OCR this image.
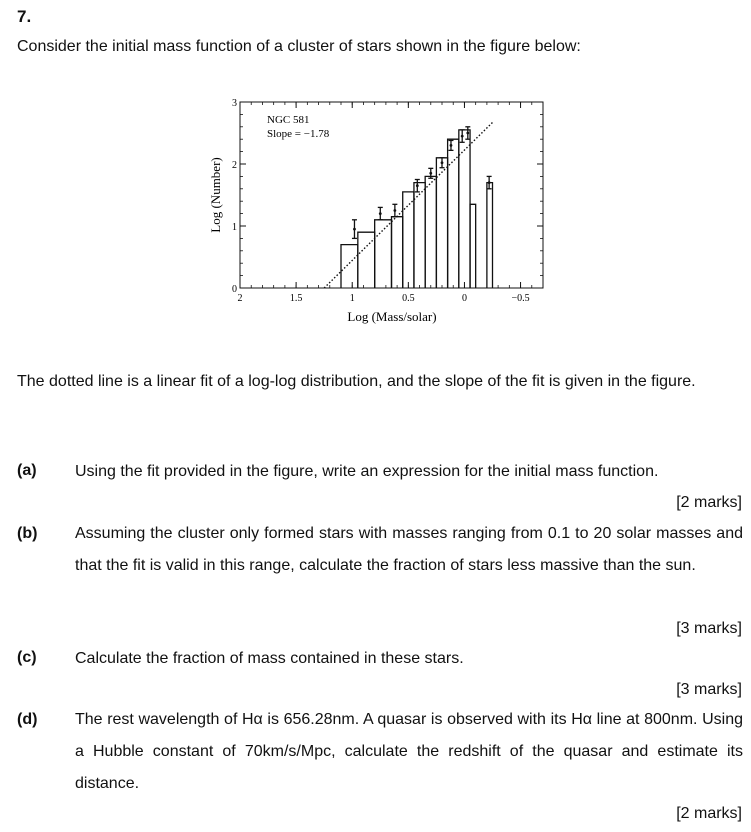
7.
Consider the initial mass function of a cluster of stars shown in the figure below:
2	1.5	1	0.5	0	−0.5
0
1
2
3
NGC 581
Slope = −1.78
Log (Mass/solar)
Log (Number)
The dotted line is a linear fit of a log-log distribution, and the slope of the fit is given in the figure.
(a) Using the fit provided in the figure, write an expression for the initial mass function.
[2 marks]
(b) Assuming the cluster only formed stars with masses ranging from 0.1 to 20 solar masses and that the fit is valid in this range, calculate the fraction of stars less massive than the sun.
[3 marks]
(c) Calculate the fraction of mass contained in these stars.
[3 marks]
(d) The rest wavelength of Hα is 656.28nm. A quasar is observed with its Hα line at 800nm. Using a Hubble constant of 70km/s/Mpc, calculate the redshift of the quasar and estimate its distance.
[2 marks]
